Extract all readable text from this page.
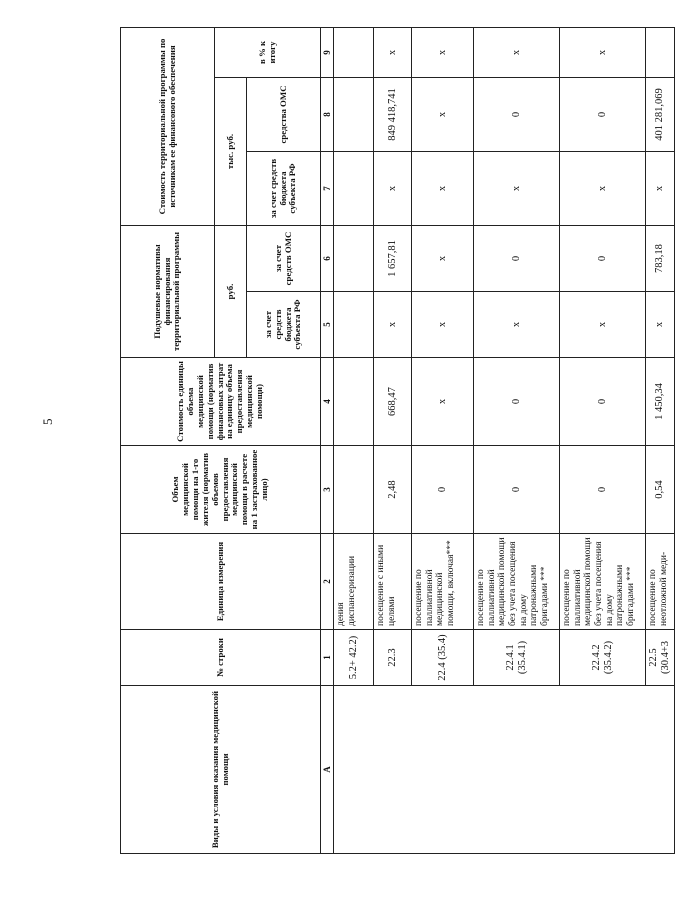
5
Виды и условия оказания медицинской помощи	№ строки	Единица измерения	Объем медицинской помощи на 1-го жителя (норматив объемов предоставления медицинской помощи в расчете на 1 застрахованное лицо)	Стоимость единицы объема медицинской помощи (норматив финансовых затрат на единицу объема предоставления медицинской помощи)	Подушевые нормативы финансирования территориальной программы		Стоимость территориальной программы по источникам ее финансового обеспечения		
					руб.		тыс. руб.		в % к итогу
					за счет средств бюджета субъекта РФ	за счет средств ОМС	за счет средств бюджета субъекта РФ	средства ОМС	
А	1	2	3	4	5	6	7	8	9
	5.2+ 42.2)	дения диспансеризации							
	22.3	посещение с иными целями	2,48	668,47	х	1 657,81	х	849 418,741	х
	22.4 (35.4)	посещение по паллиативной медицинской помощи, включая***	0	х	х	х	х	х	х
	22.4.1 (35.4.1)	посещение по паллиативной медицинской помощи без учета посещения на дому патронажными бригадами ***	0	0	х	0	х	0	х
	22.4.2 (35.4.2)	посещение по паллиативной медицинской помощи без учета посещения на дому патронажными бригадами ***	0	0	х	0	х	0	х
	22.5 (30.4+3	посещение по неотложной меди-	0,54	1 450,34	х	783,18	х	401 281,069	
